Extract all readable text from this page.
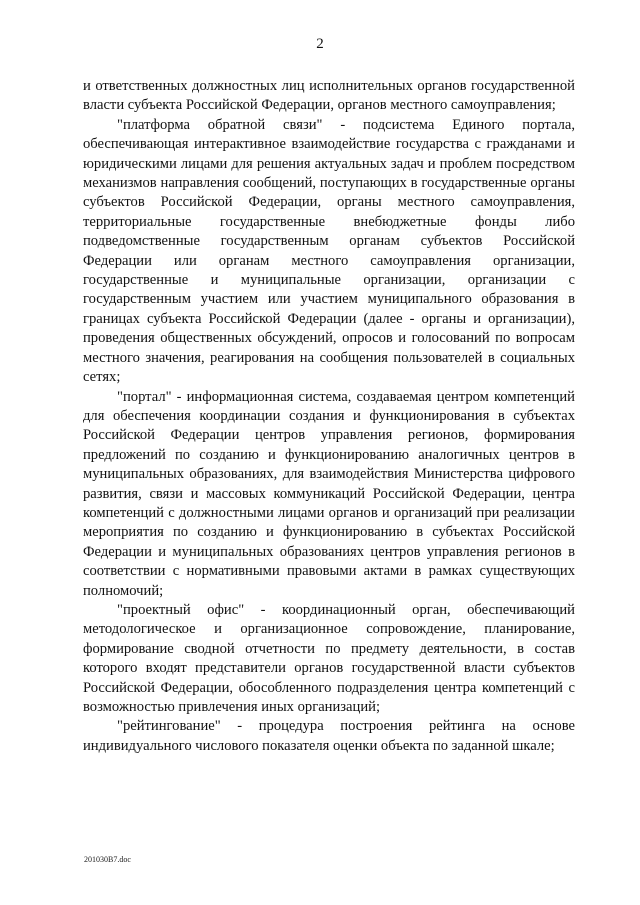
2

и ответственных должностных лиц исполнительных органов государственной власти субъекта Российской Федерации, органов местного самоуправления;

"платформа обратной связи" - подсистема Единого портала, обеспечивающая интерактивное взаимодействие государства с гражданами и юридическими лицами для решения актуальных задач и проблем посредством механизмов направления сообщений, поступающих в государственные органы субъектов Российской Федерации, органы местного самоуправления, территориальные государственные внебюджетные фонды либо подведомственные государственным органам субъектов Российской Федерации или органам местного самоуправления организации, государственные и муниципальные организации, организации с государственным участием или участием муниципального образования в границах субъекта Российской Федерации (далее - органы и организации), проведения общественных обсуждений, опросов и голосований по вопросам местного значения, реагирования на сообщения пользователей в социальных сетях;

"портал" - информационная система, создаваемая центром компетенций для обеспечения координации создания и функционирования в субъектах Российской Федерации центров управления регионов, формирования предложений по созданию и функционированию аналогичных центров в муниципальных образованиях, для взаимодействия Министерства цифрового развития, связи и массовых коммуникаций Российской Федерации, центра компетенций с должностными лицами органов и организаций при реализации мероприятия по созданию и функционированию в субъектах Российской Федерации и муниципальных образованиях центров управления регионов в соответствии с нормативными правовыми актами в рамках существующих полномочий;

"проектный офис" - координационный орган, обеспечивающий методологическое и организационное сопровождение, планирование, формирование сводной отчетности по предмету деятельности, в состав которого входят представители органов государственной власти субъектов Российской Федерации, обособленного подразделения центра компетенций с возможностью привлечения иных организаций;

"рейтингование" - процедура построения рейтинга на основе индивидуального числового показателя оценки объекта по заданной шкале;

201030В7.doc
